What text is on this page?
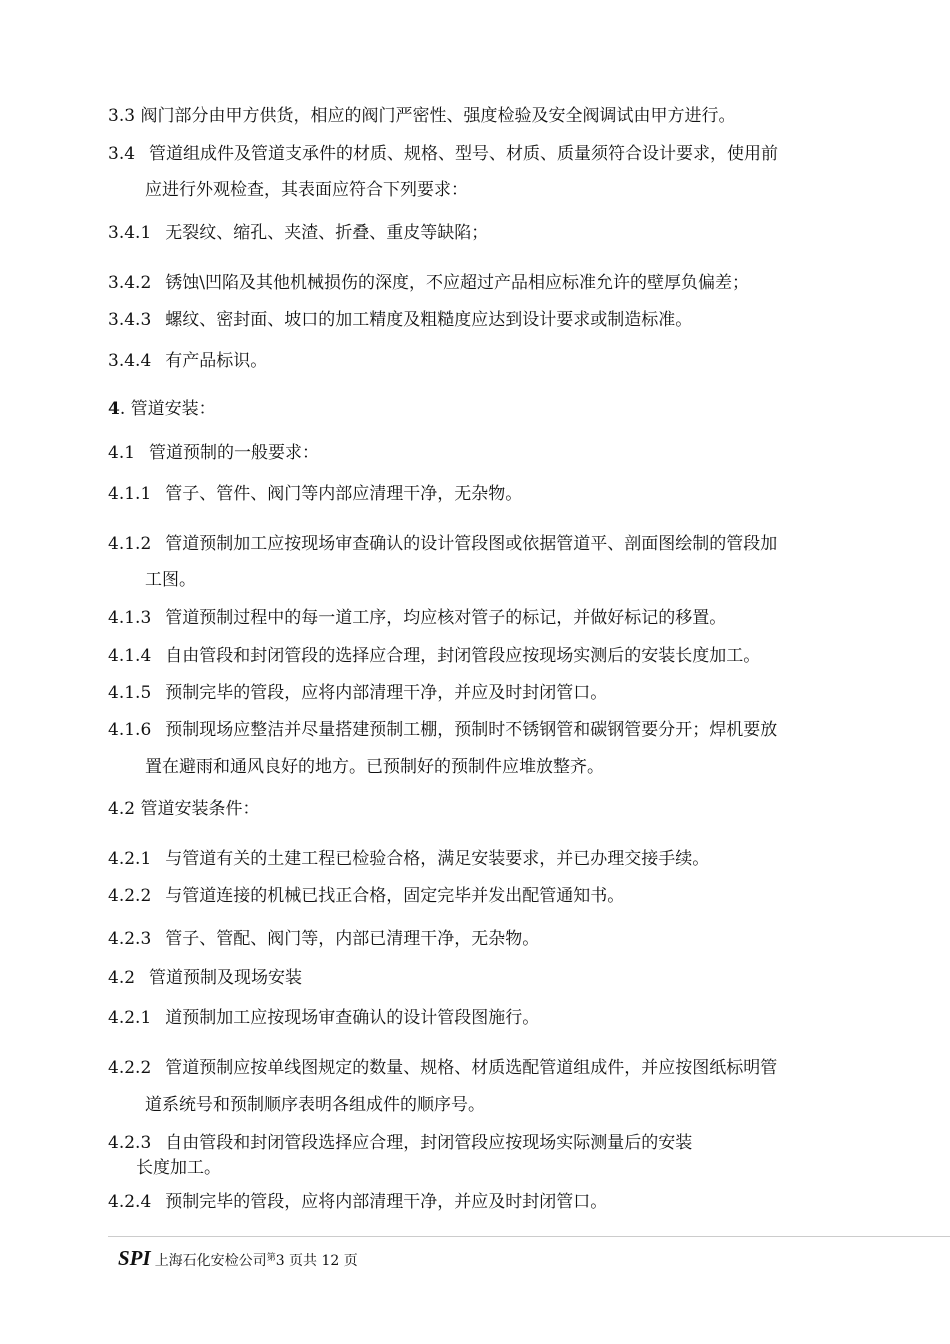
3.3 阀门部分由甲方供货，相应的阀门严密性、强度检验及安全阀调试由甲方进行。
3.4 管道组成件及管道支承件的材质、规格、型号、材质、质量须符合设计要求，使用前
应进行外观检查，其表面应符合下列要求：
3.4.1 无裂纹、缩孔、夹渣、折叠、重皮等缺陷；
3.4.2 锈蚀\凹陷及其他机械损伤的深度，不应超过产品相应标准允许的壁厚负偏差；
3.4.3 螺纹、密封面、坡口的加工精度及粗糙度应达到设计要求或制造标准。
3.4.4 有产品标识。
4. 管道安装：
4.1 管道预制的一般要求：
4.1.1 管子、管件、阀门等内部应清理干净，无杂物。
4.1.2 管道预制加工应按现场审查确认的设计管段图或依据管道平、剖面图绘制的管段加
工图。
4.1.3 管道预制过程中的每一道工序，均应核对管子的标记，并做好标记的移置。
4.1.4 自由管段和封闭管段的选择应合理，封闭管段应按现场实测后的安装长度加工。
4.1.5 预制完毕的管段，应将内部清理干净，并应及时封闭管口。
4.1.6 预制现场应整洁并尽量搭建预制工棚，预制时不锈钢管和碳钢管要分开；焊机要放
置在避雨和通风良好的地方。已预制好的预制件应堆放整齐。
4.2 管道安装条件：
4.2.1 与管道有关的土建工程已检验合格，满足安装要求，并已办理交接手续。
4.2.2 与管道连接的机械已找正合格，固定完毕并发出配管通知书。
4.2.3 管子、管配、阀门等，内部已清理干净，无杂物。
4.2 管道预制及现场安装
4.2.1 道预制加工应按现场审查确认的设计管段图施行。
4.2.2 管道预制应按单线图规定的数量、规格、材质选配管道组成件，并应按图纸标明管
道系统号和预制顺序表明各组成件的顺序号。
4.2.3 自由管段和封闭管段选择应合理，封闭管段应按现场实际测量后的安装
长度加工。
4.2.4 预制完毕的管段，应将内部清理干净，并应及时封闭管口。
SPI 上海石化安检公司$^第$3 页共 12 页
